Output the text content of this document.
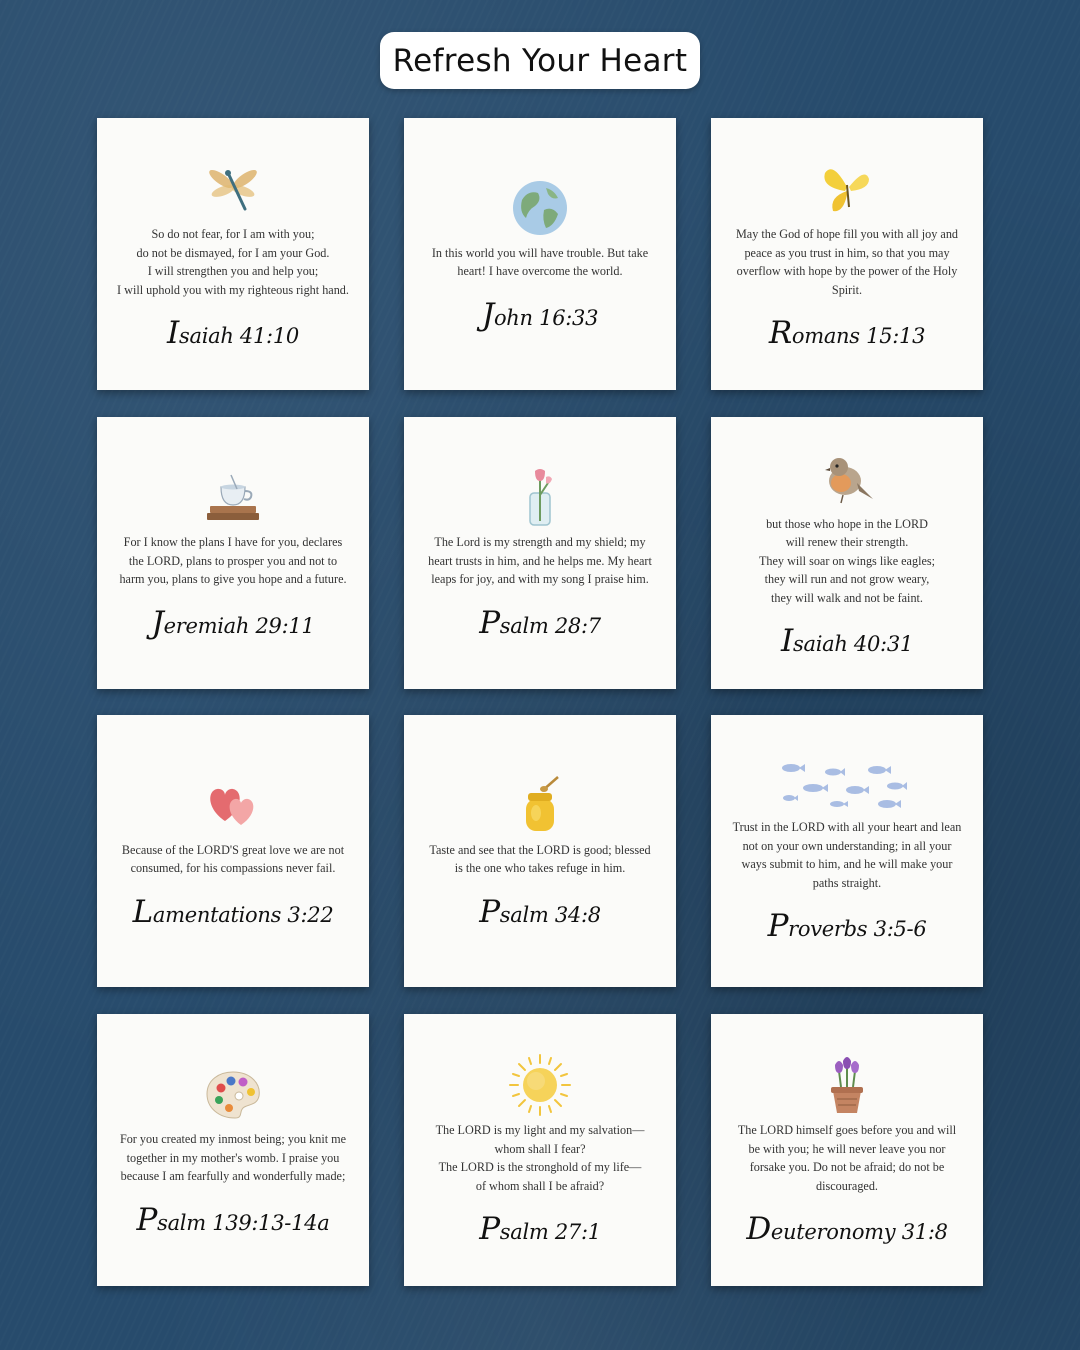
Refresh Your Heart

So do not fear, for I am with you;
do not be dismayed, for I am your God.
I will strengthen you and help you;
I will uphold you with my righteous right hand.

Isaiah 41:10

In this world you will have trouble. But take heart! I have overcome the world.

John 16:33

May the God of hope fill you with all joy and peace as you trust in him, so that you may overflow with hope by the power of the Holy Spirit.

Romans 15:13

For I know the plans I have for you, declares the LORD, plans to prosper you and not to harm you, plans to give you hope and a future.

Jeremiah 29:11

The Lord is my strength and my shield; my heart trusts in him, and he helps me. My heart leaps for joy, and with my song I praise him.

Psalm 28:7

but those who hope in the LORD
will renew their strength.
They will soar on wings like eagles;
they will run and not grow weary,
they will walk and not be faint.

Isaiah 40:31

Because of the LORD'S great love we are not consumed, for his compassions never fail.

Lamentations 3:22

Taste and see that the LORD is good; blessed is the one who takes refuge in him.

Psalm 34:8

Trust in the LORD with all your heart and lean not on your own understanding; in all your ways submit to him, and he will make your paths straight.

Proverbs 3:5-6

For you created my inmost being; you knit me together in my mother's womb. I praise you because I am fearfully and wonderfully made;

Psalm 139:13-14a

The LORD is my light and my salvation—
whom shall I fear?
The LORD is the stronghold of my life—
of whom shall I be afraid?

Psalm 27:1

The LORD himself goes before you and will be with you; he will never leave you nor forsake you. Do not be afraid; do not be discouraged.

Deuteronomy 31:8
